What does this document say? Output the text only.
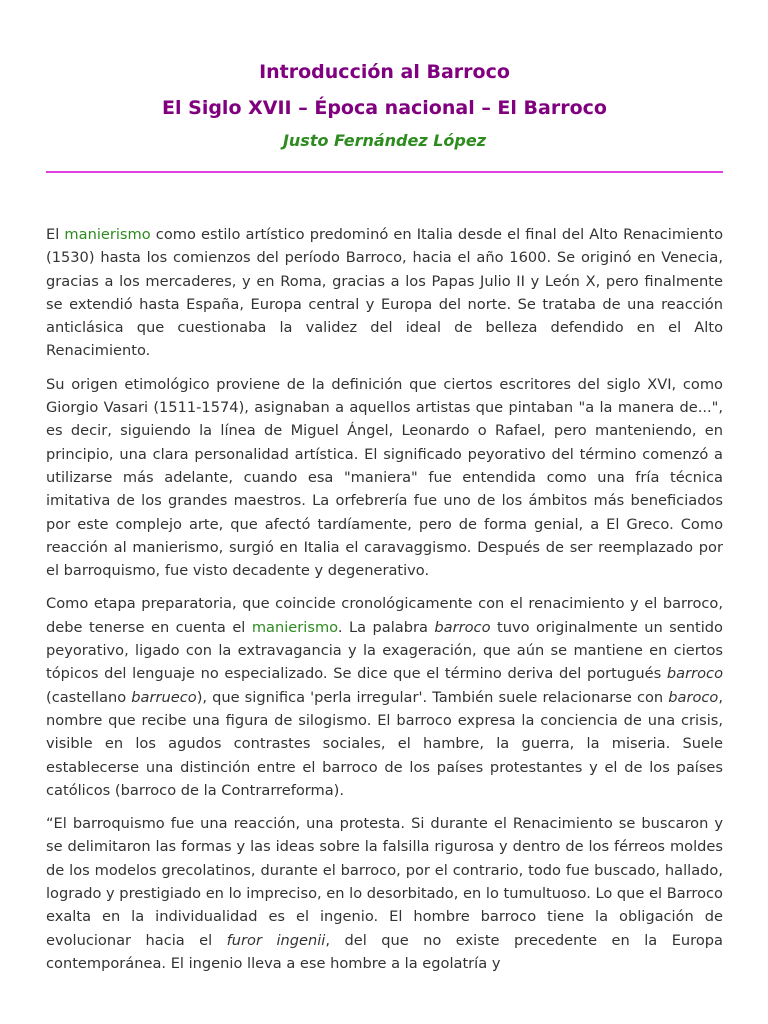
Introducción al Barroco
El Siglo XVII – Época nacional – El Barroco

Justo Fernández López

El manierismo como estilo artístico predominó en Italia desde el final del Alto Renacimiento (1530) hasta los comienzos del período Barroco, hacia el año 1600. Se originó en Venecia, gracias a los mercaderes, y en Roma, gracias a los Papas Julio II y León X, pero finalmente se extendió hasta España, Europa central y Europa del norte. Se trataba de una reacción anticlásica que cuestionaba la validez del ideal de belleza defendido en el Alto Renacimiento.

Su origen etimológico proviene de la definición que ciertos escritores del siglo XVI, como Giorgio Vasari (1511-1574), asignaban a aquellos artistas que pintaban "a la manera de...", es decir, siguiendo la línea de Miguel Ángel, Leonardo o Rafael, pero manteniendo, en principio, una clara personalidad artística. El significado peyorativo del término comenzó a utilizarse más adelante, cuando esa "maniera" fue entendida como una fría técnica imitativa de los grandes maestros. La orfebrería fue uno de los ámbitos más beneficiados por este complejo arte, que afectó tardíamente, pero de forma genial, a El Greco. Como reacción al manierismo, surgió en Italia el caravaggismo. Después de ser reemplazado por el barroquismo, fue visto decadente y degenerativo.

Como etapa preparatoria, que coincide cronológicamente con el renacimiento y el barroco, debe tenerse en cuenta el manierismo. La palabra barroco tuvo originalmente un sentido peyorativo, ligado con la extravagancia y la exageración, que aún se mantiene en ciertos tópicos del lenguaje no especializado. Se dice que el término deriva del portugués barroco (castellano barrueco), que significa 'perla irregular'. También suele relacionarse con baroco, nombre que recibe una figura de silogismo. El barroco expresa la conciencia de una crisis, visible en los agudos contrastes sociales, el hambre, la guerra, la miseria. Suele establecerse una distinción entre el barroco de los países protestantes y el de los países católicos (barroco de la Contrarreforma).

“El barroquismo fue una reacción, una protesta. Si durante el Renacimiento se buscaron y se delimitaron las formas y las ideas sobre la falsilla rigurosa y dentro de los férreos moldes de los modelos grecolatinos, durante el barroco, por el contrario, todo fue buscado, hallado, logrado y prestigiado en lo impreciso, en lo desorbitado, en lo tumultuoso. Lo que el Barroco exalta en la individualidad es el ingenio. El hombre barroco tiene la obligación de evolucionar hacia el furor ingenii, del que no existe precedente en la Europa contemporánea. El ingenio lleva a ese hombre a la egolatría y
